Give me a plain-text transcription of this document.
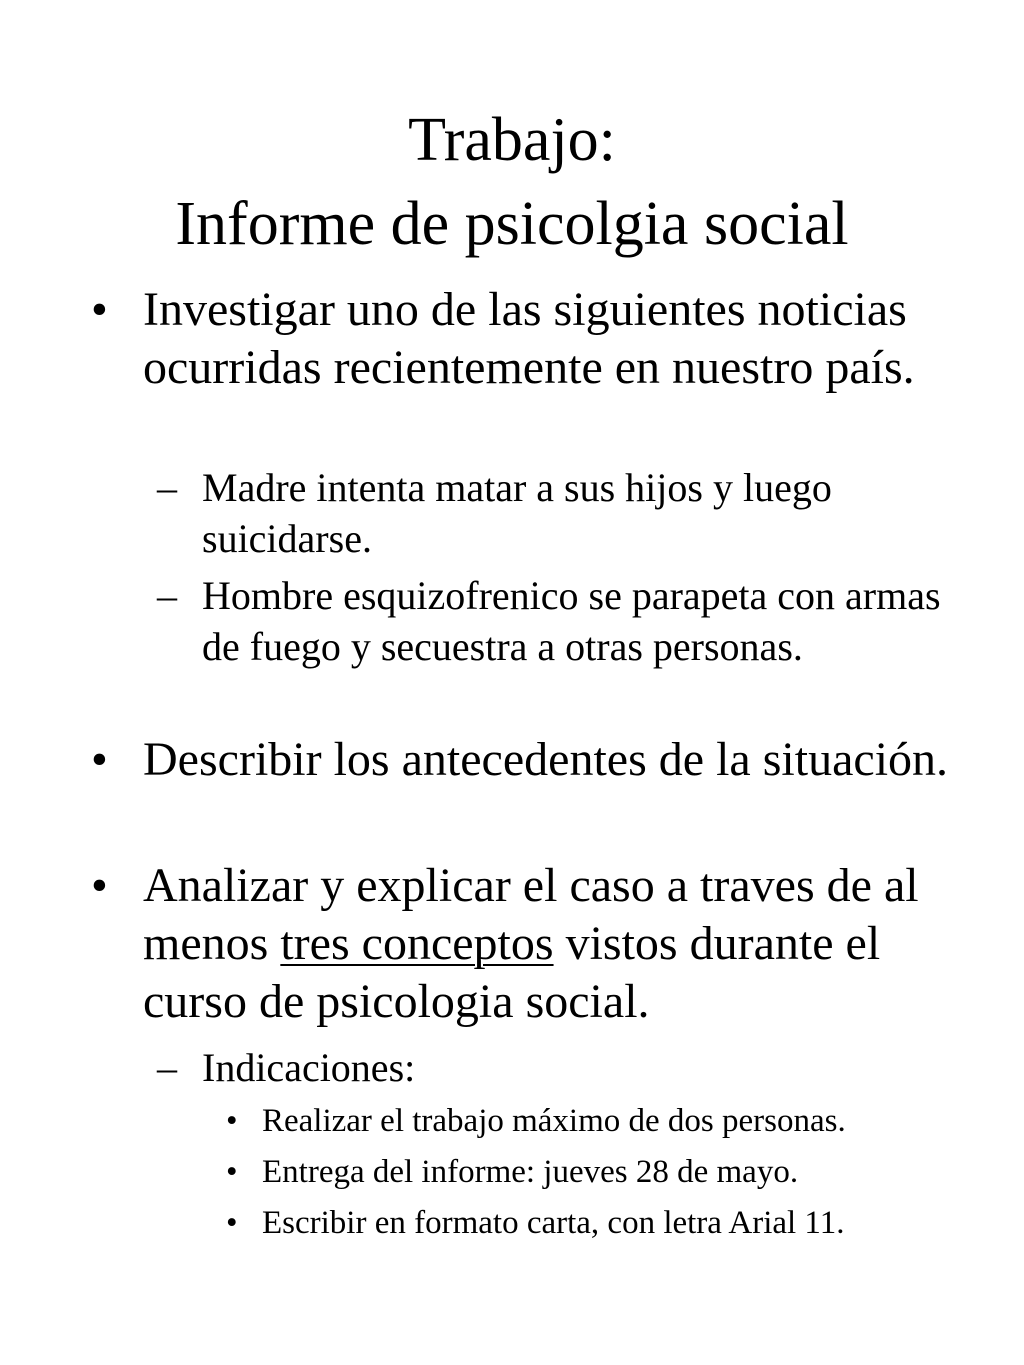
Trabajo:
Informe de psicolgia social
• Investigar uno de las siguientes noticias ocurridas recientemente en nuestro país.
– Madre intenta matar a sus hijos y luego suicidarse.
– Hombre esquizofrenico se parapeta con armas de fuego y secuestra a otras personas.
• Describir los antecedentes de la situación.
• Analizar y explicar el caso a traves de al menos tres conceptos vistos durante el curso de psicologia social.
– Indicaciones:
• Realizar el trabajo máximo de dos personas.
• Entrega del informe: jueves 28 de mayo.
• Escribir en formato carta, con letra Arial 11.
